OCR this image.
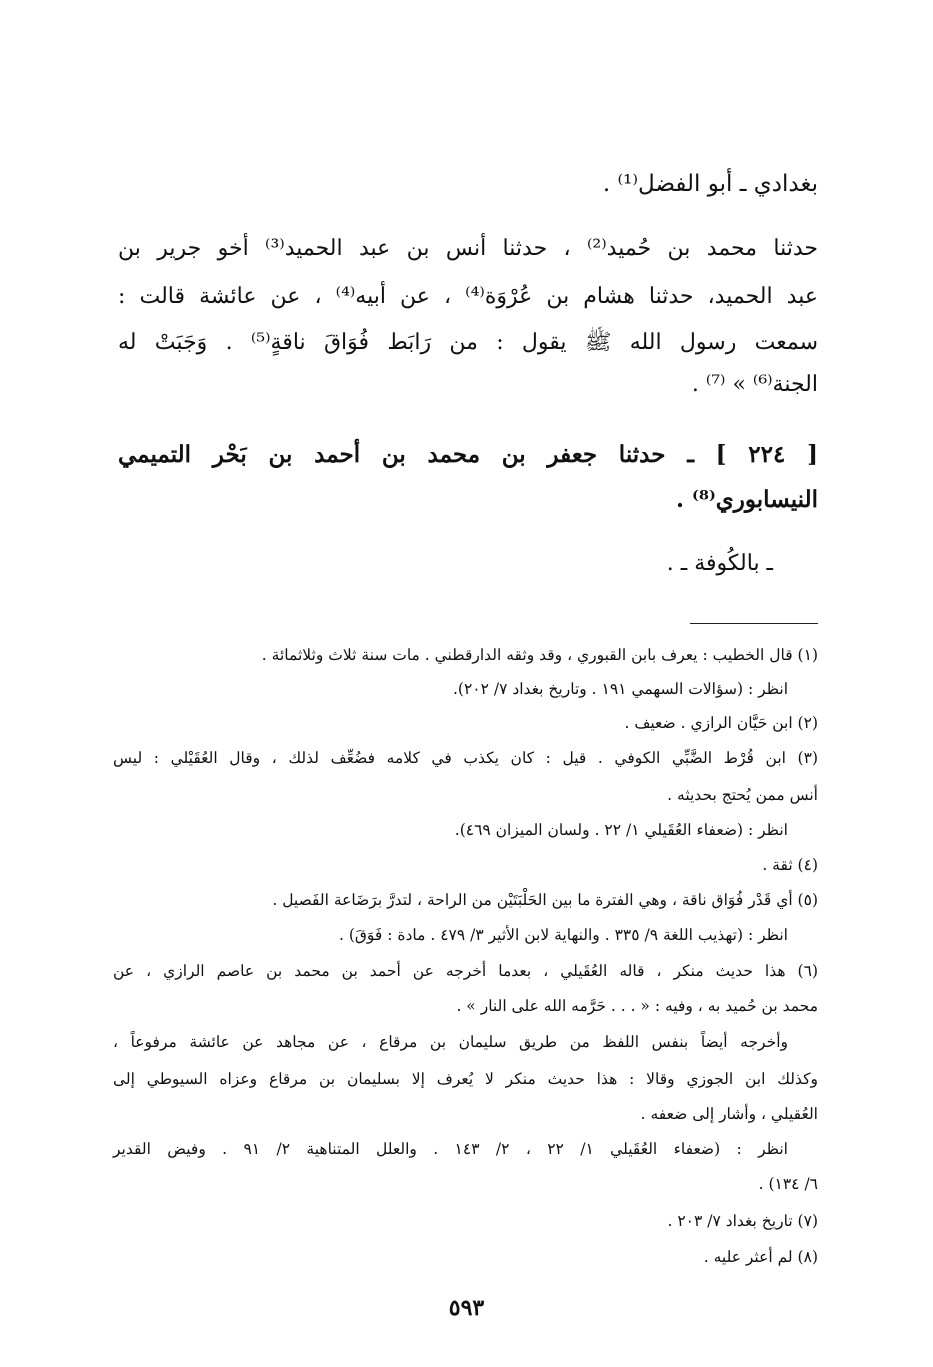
بغدادي ـ أبو الفضل⁽¹⁾ .
حدثنا محمد بن حُميد⁽²⁾ ، حدثنا أنس بن عبد الحميد⁽³⁾ أخو جرير بن
عبد الحميد، حدثنا هشام بن عُرْوَة⁽⁴⁾ ، عن أبيه⁽⁴⁾ ، عن عائشة قالت :
سمعت رسول الله ﷺ يقول : من رَابَط فُوَاقَ ناقةٍ⁽⁵⁾ . وَجَبَتْ له
الجنة⁽⁶⁾ » ⁽⁷⁾ .
[ ٢٢٤ ] ـ حدثنا جعفر بن محمد بن أحمد بن بَحْر التميمي
النيسابوري⁽⁸⁾ .
ـ بالكُوفة ـ .
(١) قال الخطيب : يعرف بابن القبوري ، وقد وثقه الدارقطني . مات سنة ثلاث وثلاثمائة .
انظر : (سؤالات السهمي ١٩١ . وتاريخ بغداد ٧/ ٢٠٢).
(٢) ابن حَيَّان الرازي . ضعيف .
(٣) ابن قُرْط الضَّبِّي الكوفي . قيل : كان يكذب في كلامه فضُعِّف لذلك ، وقال العُقَيْلي : ليس
أنس ممن يُحتج بحديثه .
انظر : (ضعفاء العُقَيلي ١/ ٢٢ . ولسان الميزان ٤٦٩).
(٤) ثقة .
(٥) أي قَدْر فُوَاق ناقة ، وهي الفترة ما بين الحَلْبَتَيْن من الراحة ، لتدرَّ برَضَاعة الفَصيل .
انظر : (تهذيب اللغة ٩/ ٣٣٥ . والنهاية لابن الأثير ٣/ ٤٧٩ . مادة : فَوَقَ) .
(٦) هذا حديث منكر ، قاله العُقَيلي ، بعدما أخرجه عن أحمد بن محمد بن عاصم الرازي ، عن
محمد بن حُميد به ، وفيه : « . . . حَرَّمه الله على النار » .
وأخرجه أيضاً بنفس اللفظ من طريق سليمان بن مرقاع ، عن مجاهد عن عائشة مرفوعاً ،
وكذلك ابن الجوزي وقالا : هذا حديث منكر لا يُعرف إلا بسليمان بن مرقاع وعزاه السيوطي إلى
العُقيلي ، وأشار إلى ضعفه .
انظر : (ضعفاء العُقَيلي ١/ ٢٢ ، ٢/ ١٤٣ . والعلل المتناهية ٢/ ٩١ . وفيض القدير
٦/ ١٣٤) .
(٧) تاريخ بغداد ٧/ ٢٠٣ .
(٨) لم أعثر عليه .
٥٩٣
